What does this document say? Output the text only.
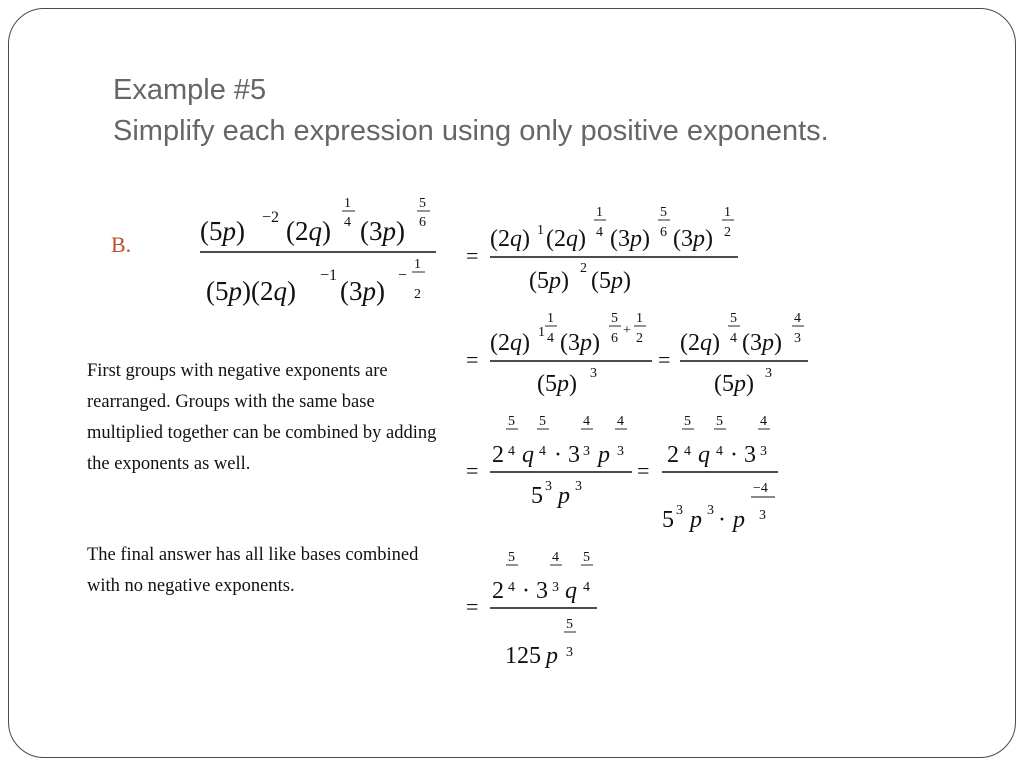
Example #5
Simplify each expression using only positive exponents.
B.
First groups with negative exponents are rearranged. Groups with the same base multiplied together can be combined by adding the exponents as well.
The final answer has all like bases combined with no negative exponents.
(5p) −2 (2q)
1
4 (3p)
5
6
(5p)(2q)
−1
(3p)
−
1
2
=
(2q) 1 (2q)
1
4 (3p)
5
6 (3p)
1
2
(5p) 2 (5p)
=
(2q) 1
1
4 (3p)
5
6
+
1
2
(5p) 3
=
(2q)
5
4 (3p)
4
3
(5p) 3
=
2
5
4 q
5
4 · 3
4
3 p
4
3
5 3 p 3
=
2
5
4 q
5
4 · 3
4
3
5 3 p 3 · p
−4
3
=
2
5
4 · 3
4
3 q
5
4
125 p
5
3
